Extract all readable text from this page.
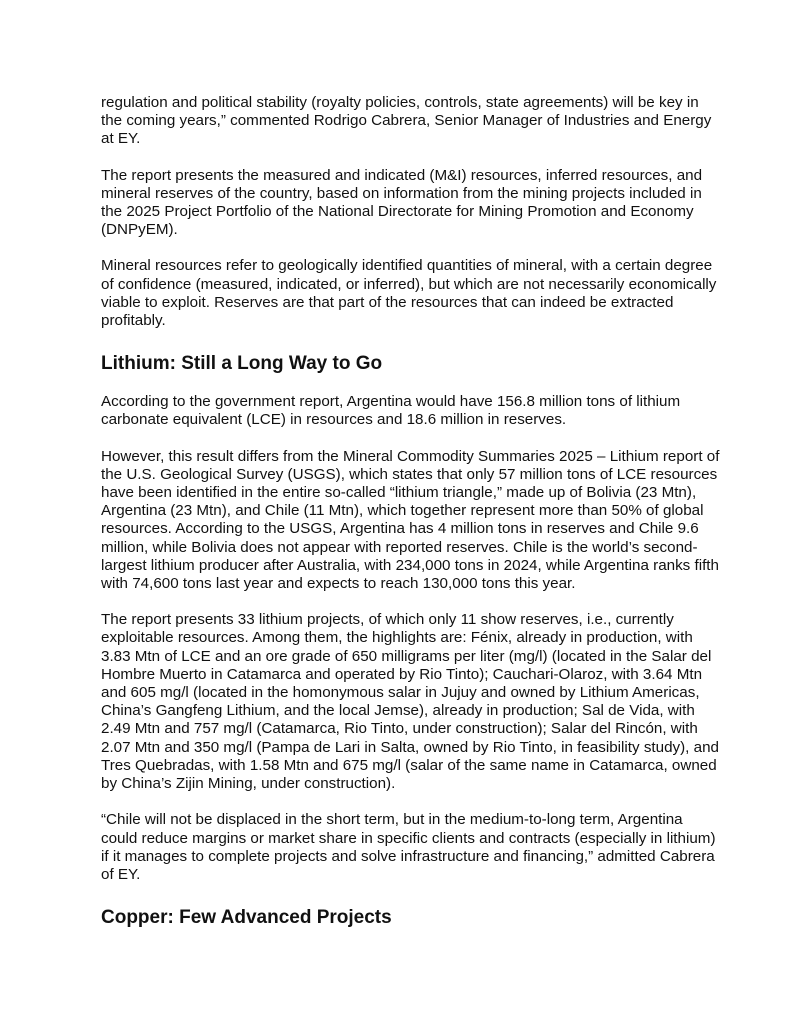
regulation and political stability (royalty policies, controls, state agreements) will be key in the coming years,” commented Rodrigo Cabrera, Senior Manager of Industries and Energy at EY.

The report presents the measured and indicated (M&I) resources, inferred resources, and mineral reserves of the country, based on information from the mining projects included in the 2025 Project Portfolio of the National Directorate for Mining Promotion and Economy (DNPyEM).

Mineral resources refer to geologically identified quantities of mineral, with a certain degree of confidence (measured, indicated, or inferred), but which are not necessarily economically viable to exploit. Reserves are that part of the resources that can indeed be extracted profitably.

Lithium: Still a Long Way to Go

According to the government report, Argentina would have 156.8 million tons of lithium carbonate equivalent (LCE) in resources and 18.6 million in reserves.

However, this result differs from the Mineral Commodity Summaries 2025 – Lithium report of the U.S. Geological Survey (USGS), which states that only 57 million tons of LCE resources have been identified in the entire so-called “lithium triangle,” made up of Bolivia (23 Mtn), Argentina (23 Mtn), and Chile (11 Mtn), which together represent more than 50% of global resources. According to the USGS, Argentina has 4 million tons in reserves and Chile 9.6 million, while Bolivia does not appear with reported reserves. Chile is the world’s second-largest lithium producer after Australia, with 234,000 tons in 2024, while Argentina ranks fifth with 74,600 tons last year and expects to reach 130,000 tons this year.

The report presents 33 lithium projects, of which only 11 show reserves, i.e., currently exploitable resources. Among them, the highlights are: Fénix, already in production, with 3.83 Mtn of LCE and an ore grade of 650 milligrams per liter (mg/l) (located in the Salar del Hombre Muerto in Catamarca and operated by Rio Tinto); Cauchari-Olaroz, with 3.64 Mtn and 605 mg/l (located in the homonymous salar in Jujuy and owned by Lithium Americas, China’s Gangfeng Lithium, and the local Jemse), already in production; Sal de Vida, with 2.49 Mtn and 757 mg/l (Catamarca, Rio Tinto, under construction); Salar del Rincón, with 2.07 Mtn and 350 mg/l (Pampa de Lari in Salta, owned by Rio Tinto, in feasibility study), and Tres Quebradas, with 1.58 Mtn and 675 mg/l (salar of the same name in Catamarca, owned by China’s Zijin Mining, under construction).

“Chile will not be displaced in the short term, but in the medium-to-long term, Argentina could reduce margins or market share in specific clients and contracts (especially in lithium) if it manages to complete projects and solve infrastructure and financing,” admitted Cabrera of EY.

Copper: Few Advanced Projects
